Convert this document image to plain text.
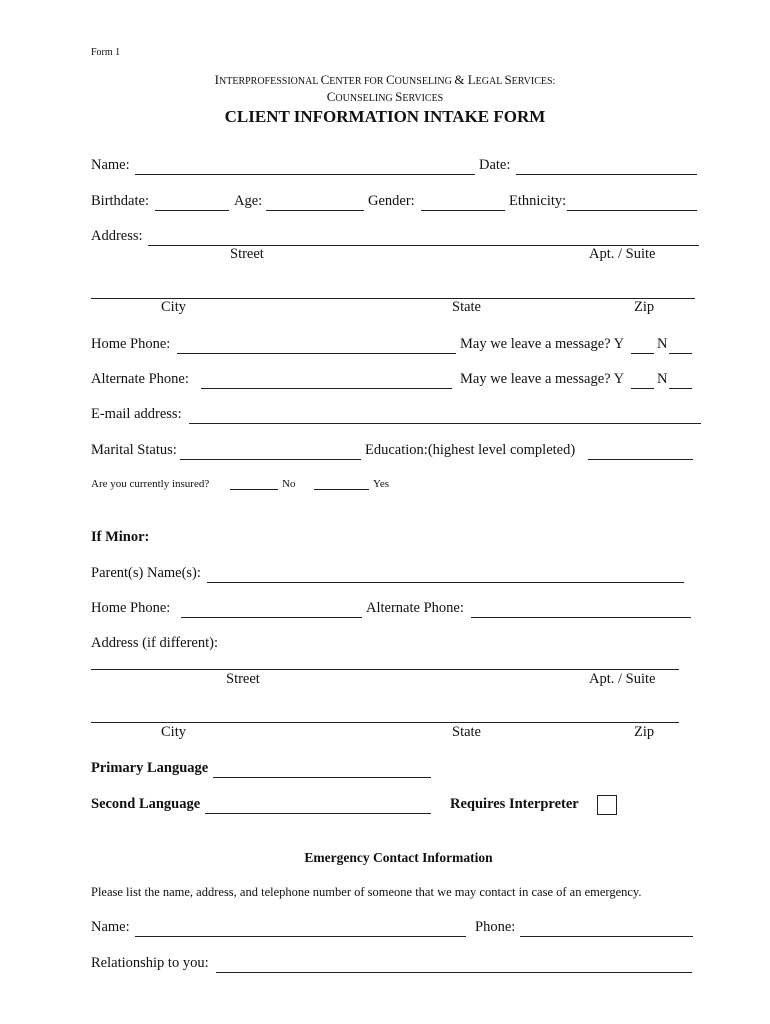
Form 1
INTERPROFESSIONAL CENTER FOR COUNSELING & LEGAL SERVICES:
COUNSELING SERVICES
CLIENT INFORMATION INTAKE FORM
Name:	Date:
Birthdate:	Age:	Gender:	Ethnicity:
Address:
Street	Apt. / Suite
City	State	Zip
Home Phone:	May we leave a message? Y N
Alternate Phone:	May we leave a message? Y N
E-mail address:
Marital Status:	Education:(highest level completed)
Are you currently insured?	No	Yes
If Minor:
Parent(s) Name(s):
Home Phone:	Alternate Phone:
Address (if different):
Street	Apt. / Suite
City	State	Zip
Primary Language
Second Language	Requires Interpreter
Emergency Contact Information
Please list the name, address, and telephone number of someone that we may contact in case of an emergency.
Name:	Phone:
Relationship to you:
